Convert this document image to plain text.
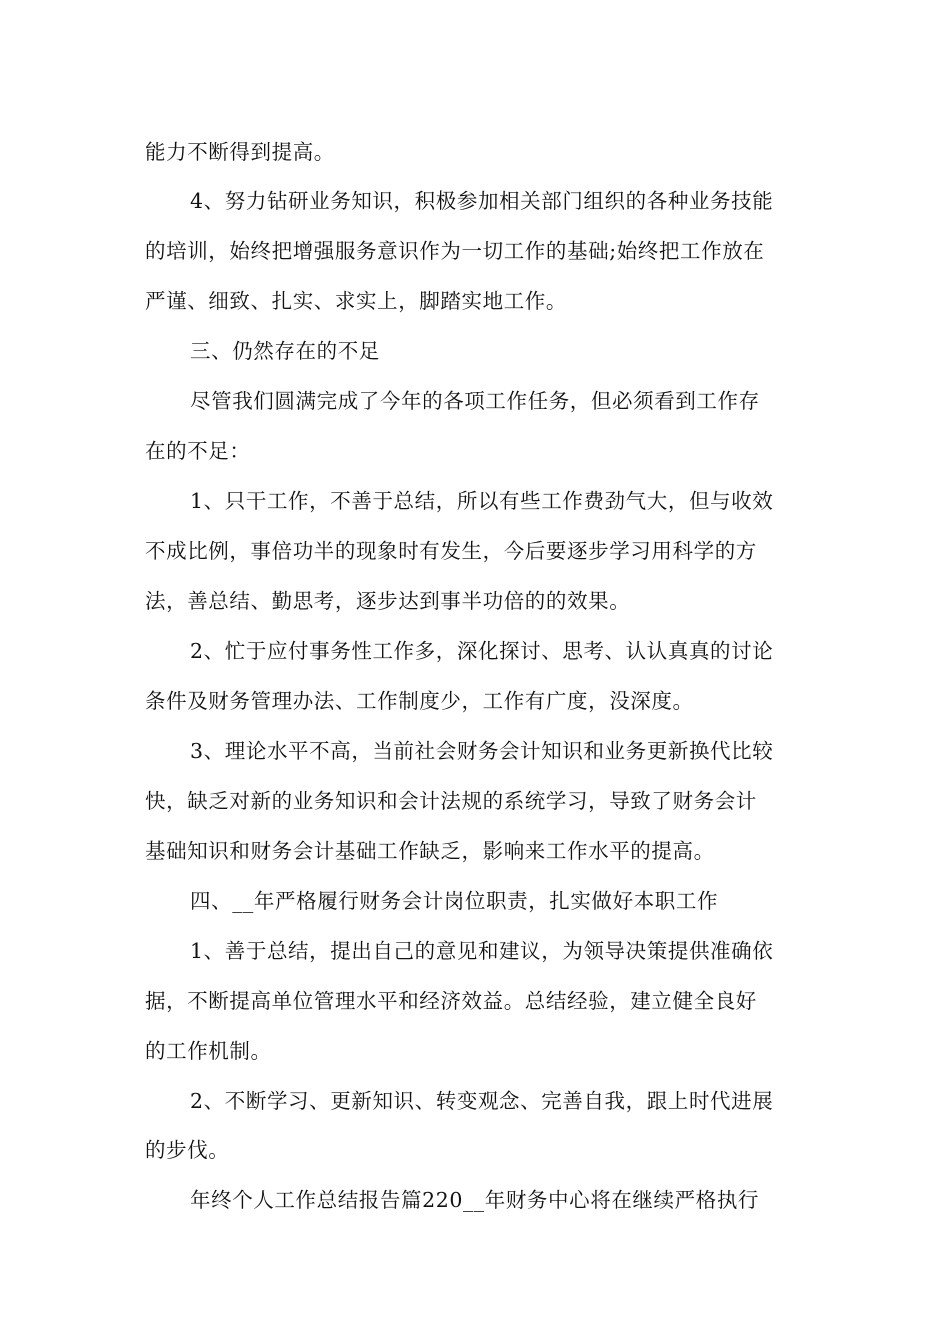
能力不断得到提高。
4、努力钻研业务知识，积极参加相关部门组织的各种业务技能
的培训，始终把增强服务意识作为一切工作的基础;始终把工作放在
严谨、细致、扎实、求实上，脚踏实地工作。
三、仍然存在的不足
尽管我们圆满完成了今年的各项工作任务，但必须看到工作存
在的不足：
1、只干工作，不善于总结，所以有些工作费劲气大，但与收效
不成比例，事倍功半的现象时有发生，今后要逐步学习用科学的方
法，善总结、勤思考，逐步达到事半功倍的的效果。
2、忙于应付事务性工作多，深化探讨、思考、认认真真的讨论
条件及财务管理办法、工作制度少，工作有广度，没深度。
3、理论水平不高，当前社会财务会计知识和业务更新换代比较
快，缺乏对新的业务知识和会计法规的系统学习，导致了财务会计
基础知识和财务会计基础工作缺乏，影响来工作水平的提高。
四、__年严格履行财务会计岗位职责，扎实做好本职工作
1、善于总结，提出自己的意见和建议，为领导决策提供准确依
据，不断提高单位管理水平和经济效益。总结经验，建立健全良好
的工作机制。
2、不断学习、更新知识、转变观念、完善自我，跟上时代进展
的步伐。
年终个人工作总结报告篇220__年财务中心将在继续严格执行
